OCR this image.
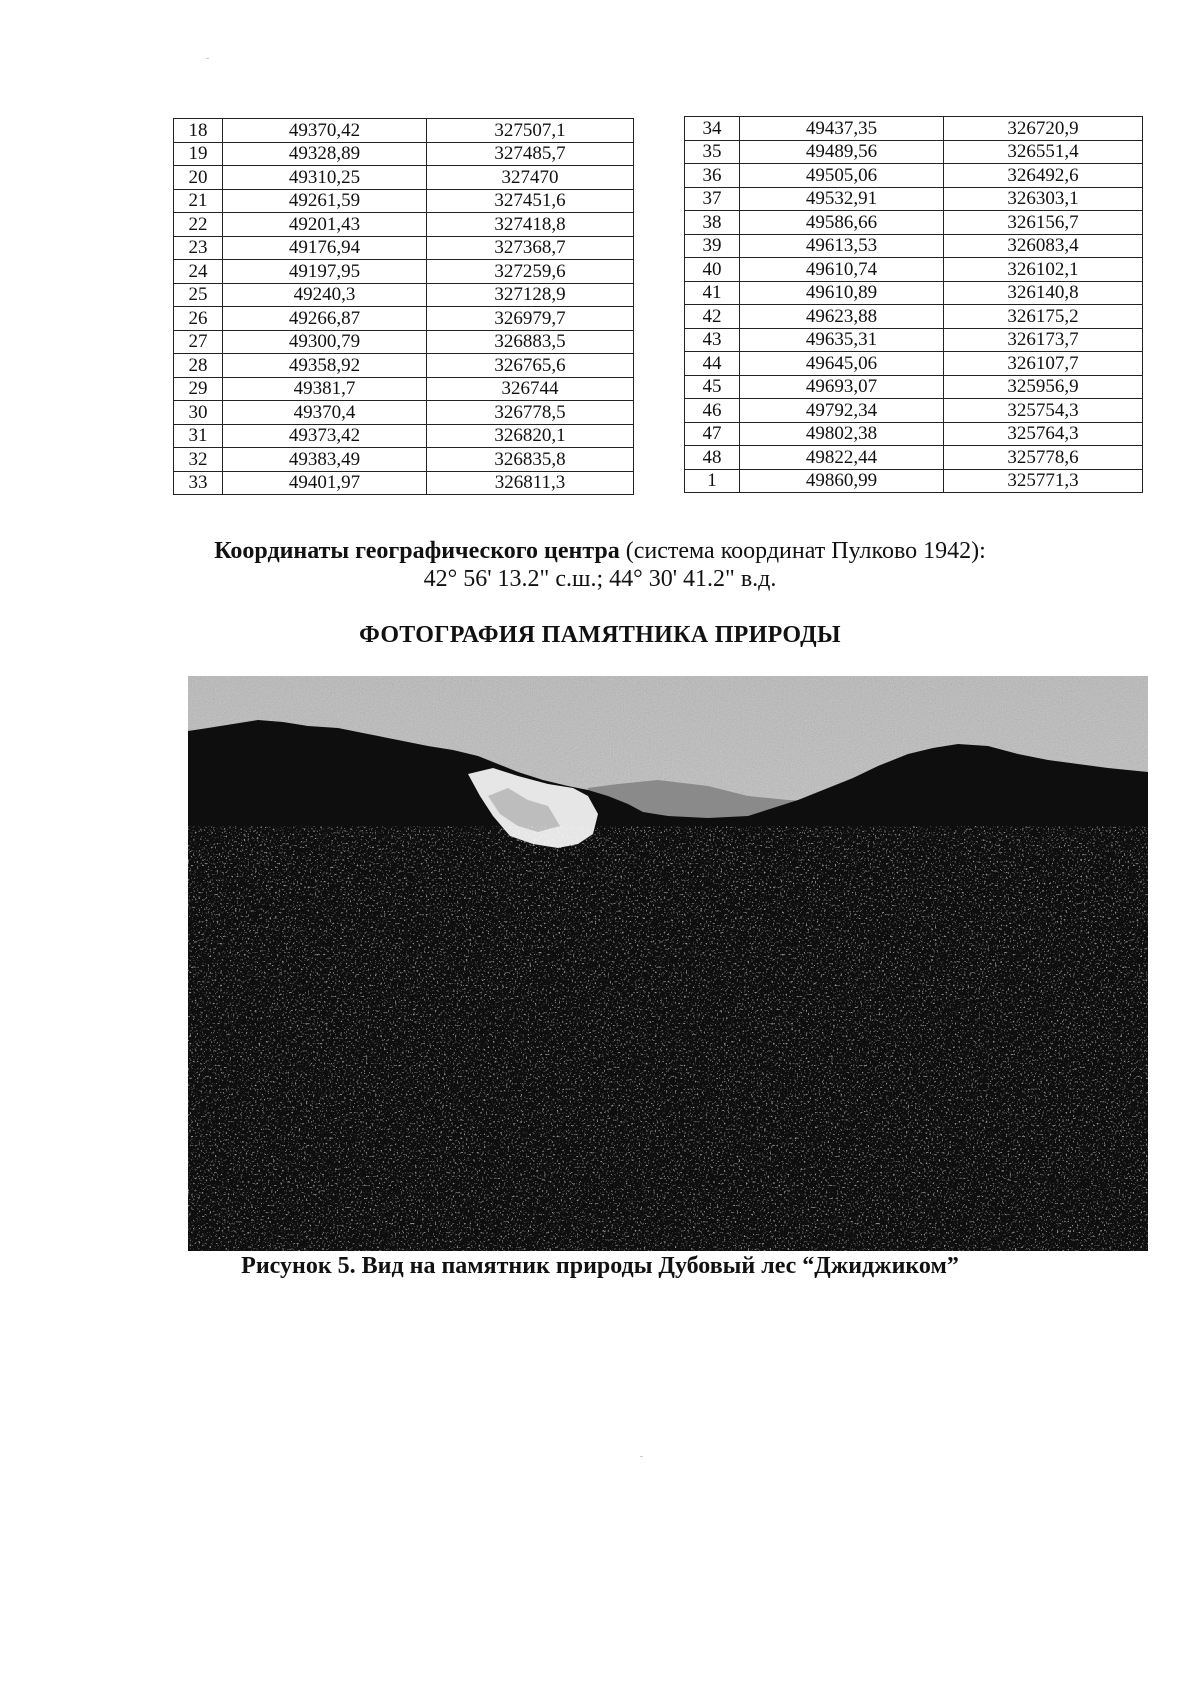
18	49370,42	327507,1
19	49328,89	327485,7
20	49310,25	327470
21	49261,59	327451,6
22	49201,43	327418,8
23	49176,94	327368,7
24	49197,95	327259,6
25	49240,3	327128,9
26	49266,87	326979,7
27	49300,79	326883,5
28	49358,92	326765,6
29	49381,7	326744
30	49370,4	326778,5
31	49373,42	326820,1
32	49383,49	326835,8
33	49401,97	326811,3
34	49437,35	326720,9
35	49489,56	326551,4
36	49505,06	326492,6
37	49532,91	326303,1
38	49586,66	326156,7
39	49613,53	326083,4
40	49610,74	326102,1
41	49610,89	326140,8
42	49623,88	326175,2
43	49635,31	326173,7
44	49645,06	326107,7
45	49693,07	325956,9
46	49792,34	325754,3
47	49802,38	325764,3
48	49822,44	325778,6
1	49860,99	325771,3
Координаты географического центра (система координат Пулково 1942):
42° 56' 13.2" с.ш.; 44° 30' 41.2" в.д.
ФОТОГРАФИЯ ПАМЯТНИКА ПРИРОДЫ
Рисунок 5. Вид на памятник природы Дубовый лес “Джиджиком”
